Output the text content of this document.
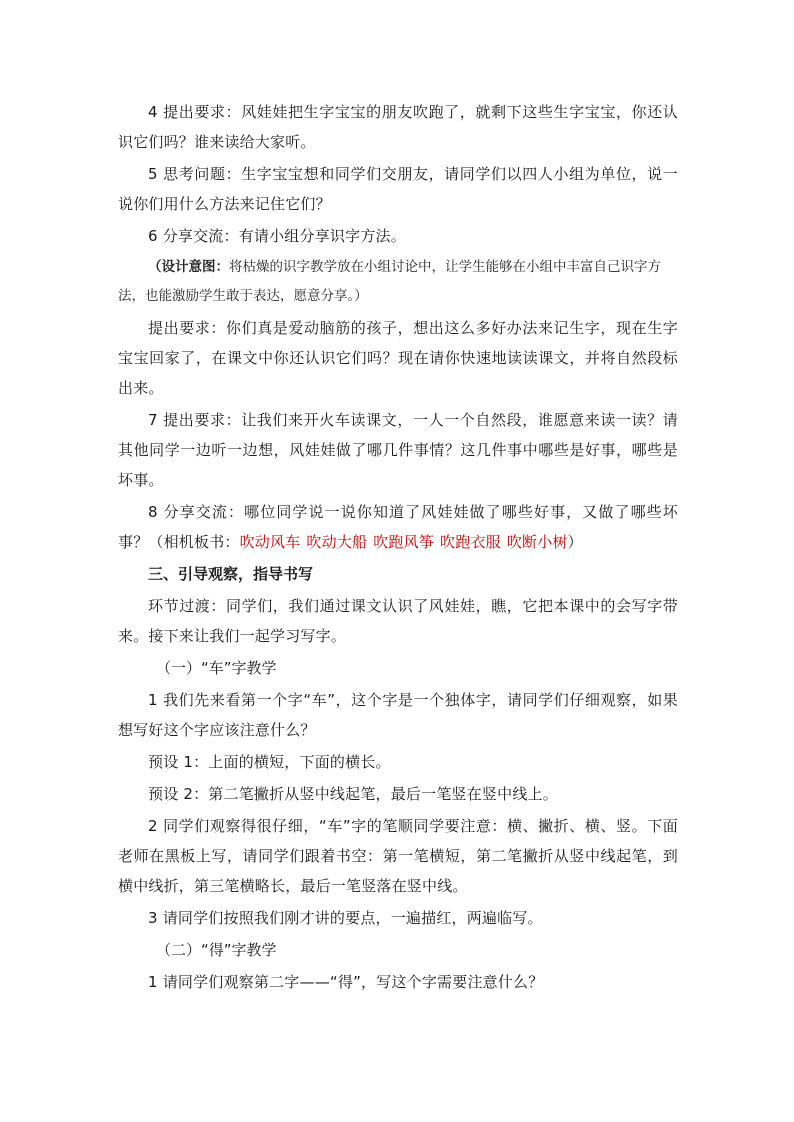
4 提出要求：风娃娃把生字宝宝的朋友吹跑了，就剩下这些生字宝宝，你还认识它们吗？谁来读给大家听。

5 思考问题：生字宝宝想和同学们交朋友，请同学们以四人小组为单位，说一说你们用什么方法来记住它们？

6 分享交流：有请小组分享识字方法。

（设计意图：将枯燥的识字教学放在小组讨论中，让学生能够在小组中丰富自己识字方法，也能激励学生敢于表达，愿意分享。）

提出要求：你们真是爱动脑筋的孩子，想出这么多好办法来记生字，现在生字宝宝回家了，在课文中你还认识它们吗？现在请你快速地读读课文，并将自然段标出来。

7 提出要求：让我们来开火车读课文，一人一个自然段，谁愿意来读一读？请其他同学一边听一边想，风娃娃做了哪几件事情？这几件事中哪些是好事，哪些是坏事。

8 分享交流：哪位同学说一说你知道了风娃娃做了哪些好事，又做了哪些坏事？（相机板书：吹动风车 吹动大船 吹跑风筝 吹跑衣服 吹断小树）

三、引导观察，指导书写

环节过渡：同学们，我们通过课文认识了风娃娃，瞧，它把本课中的会写字带来。接下来让我们一起学习写字。

（一）“车”字教学

1 我们先来看第一个字“车”，这个字是一个独体字，请同学们仔细观察，如果想写好这个字应该注意什么？

预设 1：上面的横短，下面的横长。

预设 2：第二笔撇折从竖中线起笔，最后一笔竖在竖中线上。

2 同学们观察得很仔细，“车”字的笔顺同学要注意：横、撇折、横、竖。下面老师在黑板上写，请同学们跟着书空：第一笔横短，第二笔撇折从竖中线起笔，到横中线折，第三笔横略长，最后一笔竖落在竖中线。

3 请同学们按照我们刚才讲的要点，一遍描红，两遍临写。

（二）“得”字教学

1 请同学们观察第二字——“得”，写这个字需要注意什么？
